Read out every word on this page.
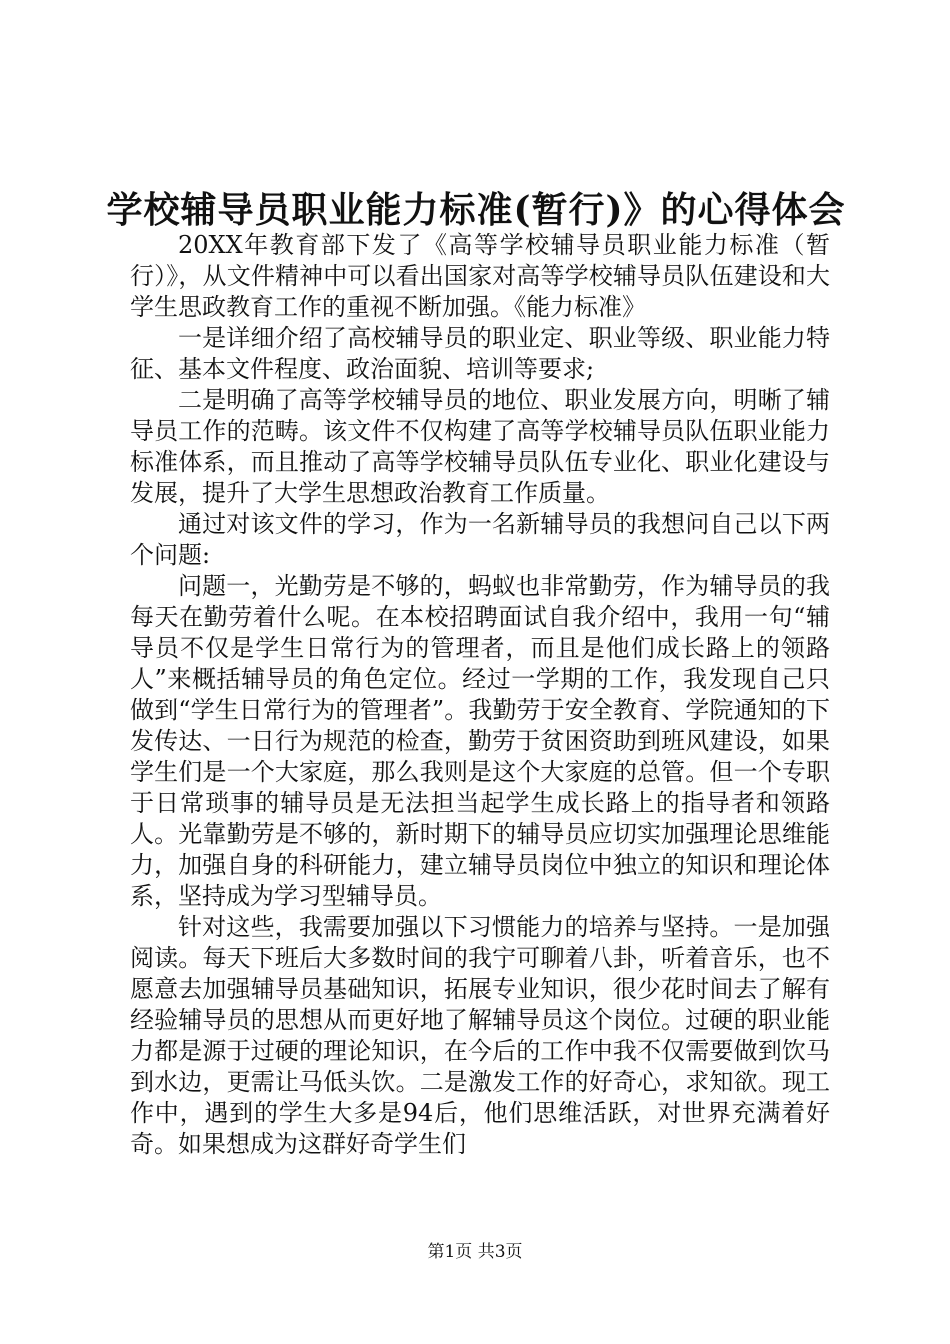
学校辅导员职业能力标准(暂行)》的心得体会

20XX年教育部下发了《高等学校辅导员职业能力标准（暂行）》，从文件精神中可以看出国家对高等学校辅导员队伍建设和大学生思政教育工作的重视不断加强。《能力标准》

一是详细介绍了高校辅导员的职业定、职业等级、职业能力特征、基本文件程度、政治面貌、培训等要求;

二是明确了高等学校辅导员的地位、职业发展方向，明晰了辅导员工作的范畴。该文件不仅构建了高等学校辅导员队伍职业能力标准体系，而且推动了高等学校辅导员队伍专业化、职业化建设与发展，提升了大学生思想政治教育工作质量。

通过对该文件的学习，作为一名新辅导员的我想问自己以下两个问题:

问题一，光勤劳是不够的，蚂蚁也非常勤劳，作为辅导员的我每天在勤劳着什么呢。在本校招聘面试自我介绍中，我用一句“辅导员不仅是学生日常行为的管理者，而且是他们成长路上的领路人”来概括辅导员的角色定位。经过一学期的工作，我发现自己只做到“学生日常行为的管理者”。我勤劳于安全教育、学院通知的下发传达、一日行为规范的检查，勤劳于贫困资助到班风建设，如果学生们是一个大家庭，那么我则是这个大家庭的总管。但一个专职于日常琐事的辅导员是无法担当起学生成长路上的指导者和领路人。光靠勤劳是不够的，新时期下的辅导员应切实加强理论思维能力，加强自身的科研能力，建立辅导员岗位中独立的知识和理论体系，坚持成为学习型辅导员。

针对这些，我需要加强以下习惯能力的培养与坚持。一是加强阅读。每天下班后大多数时间的我宁可聊着八卦，听着音乐，也不愿意去加强辅导员基础知识，拓展专业知识，很少花时间去了解有经验辅导员的思想从而更好地了解辅导员这个岗位。过硬的职业能力都是源于过硬的理论知识，在今后的工作中我不仅需要做到饮马到水边，更需让马低头饮。二是激发工作的好奇心，求知欲。现工作中，遇到的学生大多是94后，他们思维活跃，对世界充满着好奇。如果想成为这群好奇学生们

第1页 共3页
